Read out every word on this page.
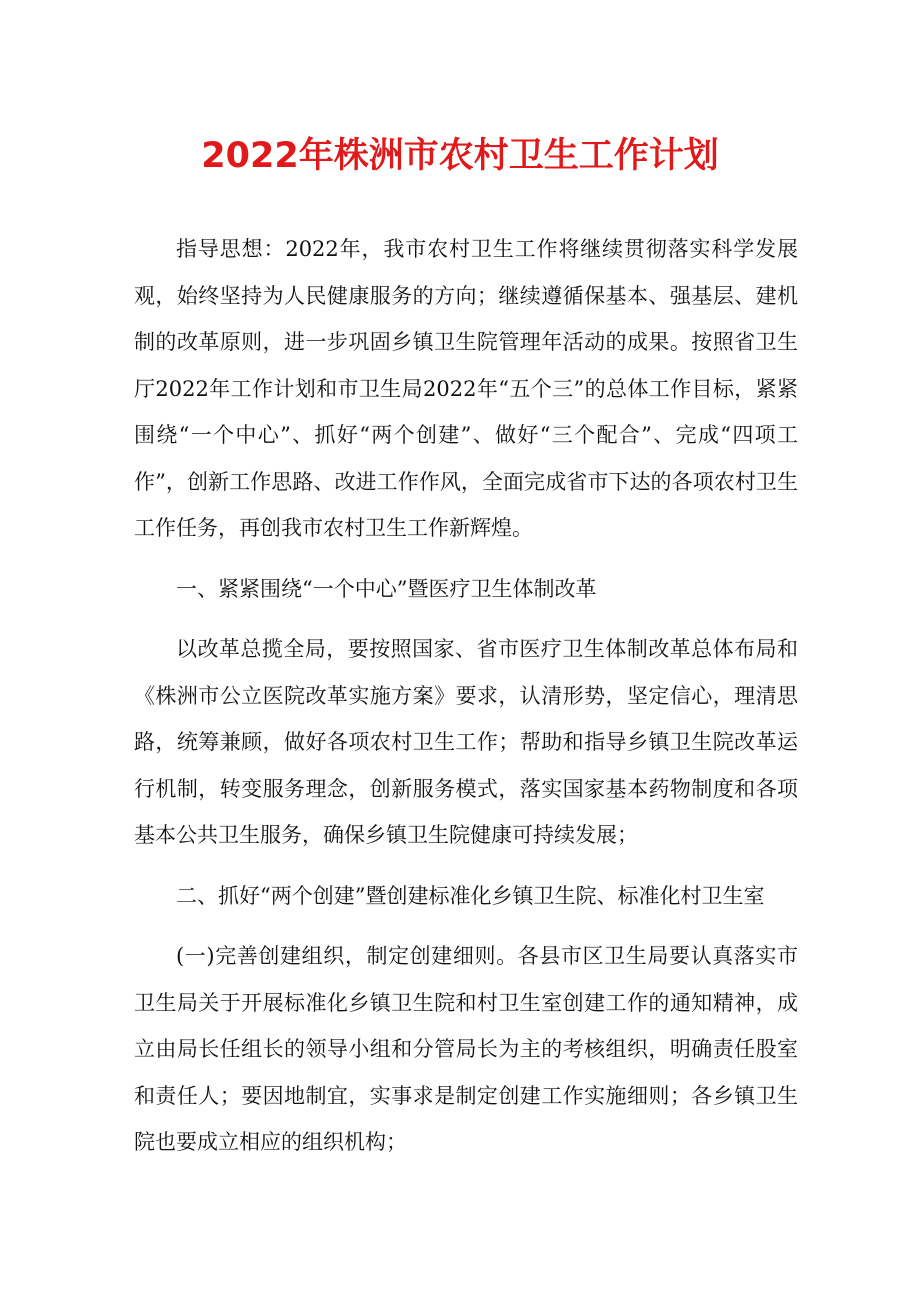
2022年株洲市农村卫生工作计划

指导思想：2022年，我市农村卫生工作将继续贯彻落实科学发展观，始终坚持为人民健康服务的方向；继续遵循保基本、强基层、建机制的改革原则，进一步巩固乡镇卫生院管理年活动的成果。按照省卫生厅2022年工作计划和市卫生局2022年“五个三”的总体工作目标，紧紧围绕“一个中心”、抓好“两个创建”、做好“三个配合”、完成“四项工作”，创新工作思路、改进工作作风，全面完成省市下达的各项农村卫生工作任务，再创我市农村卫生工作新辉煌。

一、紧紧围绕“一个中心”暨医疗卫生体制改革

以改革总揽全局，要按照国家、省市医疗卫生体制改革总体布局和《株洲市公立医院改革实施方案》要求，认清形势，坚定信心，理清思路，统筹兼顾，做好各项农村卫生工作；帮助和指导乡镇卫生院改革运行机制，转变服务理念，创新服务模式，落实国家基本药物制度和各项基本公共卫生服务，确保乡镇卫生院健康可持续发展；

二、抓好“两个创建”暨创建标准化乡镇卫生院、标准化村卫生室

(一)完善创建组织，制定创建细则。各县市区卫生局要认真落实市卫生局关于开展标准化乡镇卫生院和村卫生室创建工作的通知精神，成立由局长任组长的领导小组和分管局长为主的考核组织，明确责任股室和责任人；要因地制宜，实事求是制定创建工作实施细则；各乡镇卫生院也要成立相应的组织机构；
